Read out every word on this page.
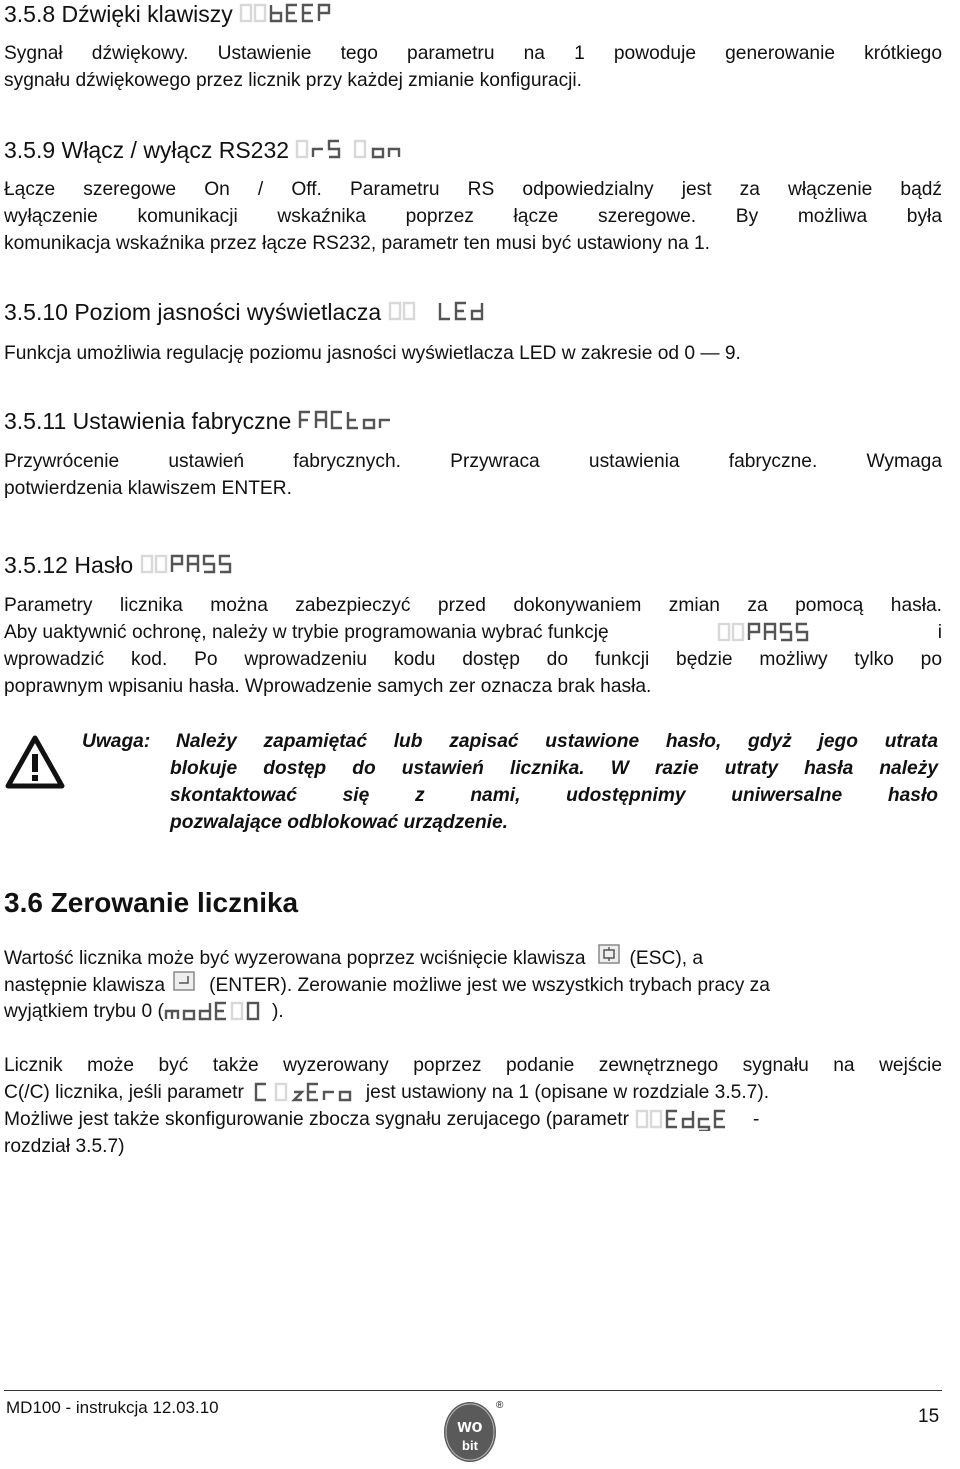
3.5.8 Dźwięki klawiszy
Sygnał dźwiękowy. Ustawienie tego parametru na 1 powoduje generowanie krótkiego
sygnału dźwiękowego przez licznik przy każdej zmianie konfiguracji.
3.5.9 Włącz / wyłącz RS232
Łącze szeregowe On / Off. Parametru RS odpowiedzialny jest za włączenie bądź
wyłączenie komunikacji wskaźnika poprzez łącze szeregowe. By możliwa była
komunikacja wskaźnika przez łącze RS232, parametr ten musi być ustawiony na 1.
3.5.10 Poziom jasności wyświetlacza
Funkcja umożliwia regulację poziomu jasności wyświetlacza LED w zakresie od 0 — 9.
3.5.11 Ustawienia fabryczne
Przywrócenie ustawień fabrycznych. Przywraca ustawienia fabryczne. Wymaga
potwierdzenia klawiszem ENTER.
3.5.12 Hasło
Parametry licznika można zabezpieczyć przed dokonywaniem zmian za pomocą hasła.
Aby uaktywnić ochronę, należy w trybie programowania wybrać funkcję	i
wprowadzić kod. Po wprowadzeniu kodu dostęp do funkcji będzie możliwy tylko po
poprawnym wpisaniu hasła. Wprowadzenie samych zer oznacza brak hasła.
Uwaga: Należy zapamiętać lub zapisać ustawione hasło, gdyż jego utrata
blokuje dostęp do ustawień licznika. W razie utraty hasła należy
skontaktować się z nami, udostępnimy uniwersalne hasło
pozwalające odblokować urządzenie.
3.6 Zerowanie licznika
Wartość licznika może być wyzerowana poprzez wciśnięcie klawisza (ESC), a
następnie klawisza (ENTER). Zerowanie możliwe jest we wszystkich trybach pracy za
wyjątkiem trybu 0 (	).
Licznik może być także wyzerowany poprzez podanie zewnętrznego sygnału na wejście
C(/C) licznika, jeśli parametr	jest ustawiony na 1 (opisane w rozdziale 3.5.7).
Możliwe jest także skonfigurowanie zbocza sygnału zerujacego (parametr	-
rozdział 3.5.7)
MD100 - instrukcja 12.03.10
wo
bit
®
15
